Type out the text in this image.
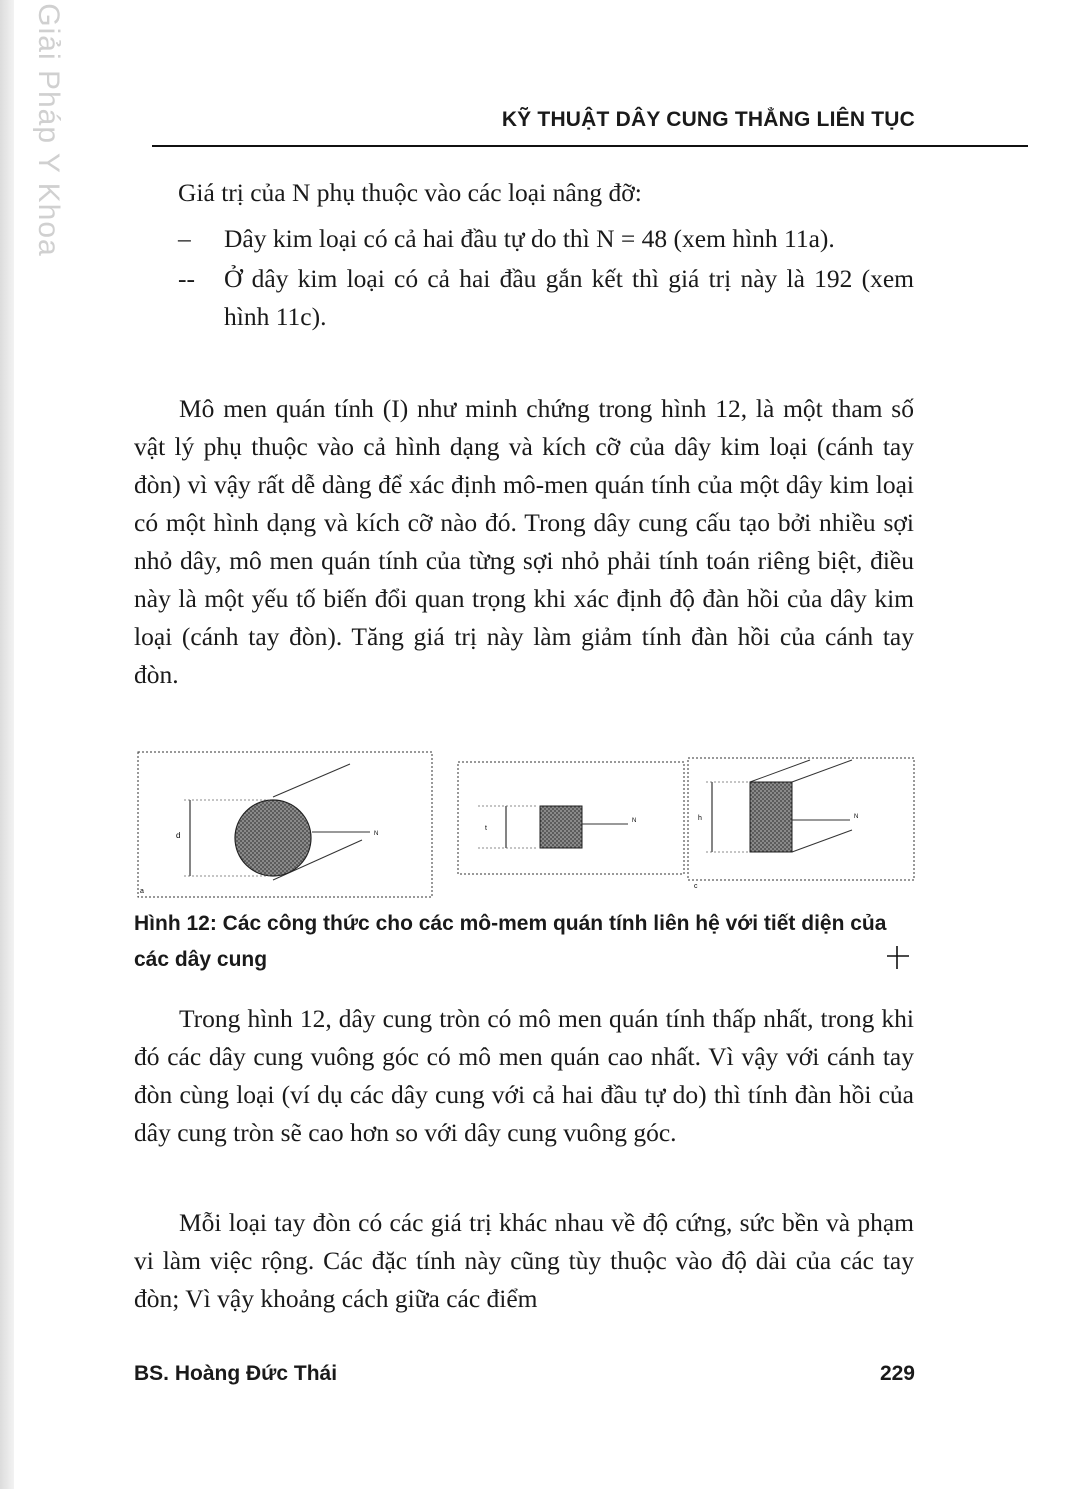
Giải Pháp Y Khoa	KỸ THUẬT DÂY CUNG THẲNG LIÊN TỤC
Giá trị của N phụ thuộc vào các loại nâng đỡ:
– Dây kim loại có cả hai đầu tự do thì N = 48 (xem hình 11a).
-- Ở dây kim loại có cả hai đầu gắn kết thì giá trị này là 192 (xem hình 11c).

Mô men quán tính (I) như minh chứng trong hình 12, là một tham số vật lý phụ thuộc vào cả hình dạng và kích cỡ của dây kim loại (cánh tay đòn) vì vậy rất dễ dàng để xác định mô-men quán tính của một dây kim loại có một hình dạng và kích cỡ nào đó. Trong dây cung cấu tạo bởi nhiều sợi nhỏ dây, mô men quán tính của từng sợi nhỏ phải tính toán riêng biệt, điều này là một yếu tố biến đổi quan trọng khi xác định độ đàn hồi của dây kim loại (cánh tay đòn). Tăng giá trị này làm giảm tính đàn hồi của cánh tay đòn.

d	N
a
t
N	h	N
c
Hình 12: Các công thức cho các mô-mem quán tính liên hệ với tiết diện của các dây cung

Trong hình 12, dây cung tròn có mô men quán tính thấp nhất, trong khi đó các dây cung vuông góc có mô men quán cao nhất. Vì vậy với cánh tay đòn cùng loại (ví dụ các dây cung với cả hai đầu tự do) thì tính đàn hồi của dây cung tròn sẽ cao hơn so với dây cung vuông góc.

Mỗi loại tay đòn có các giá trị khác nhau về độ cứng, sức bền và phạm vi làm việc rộng. Các đặc tính này cũng tùy thuộc vào độ dài của các tay đòn; Vì vậy khoảng cách giữa các điểm

BS. Hoàng Đức Thái	229
